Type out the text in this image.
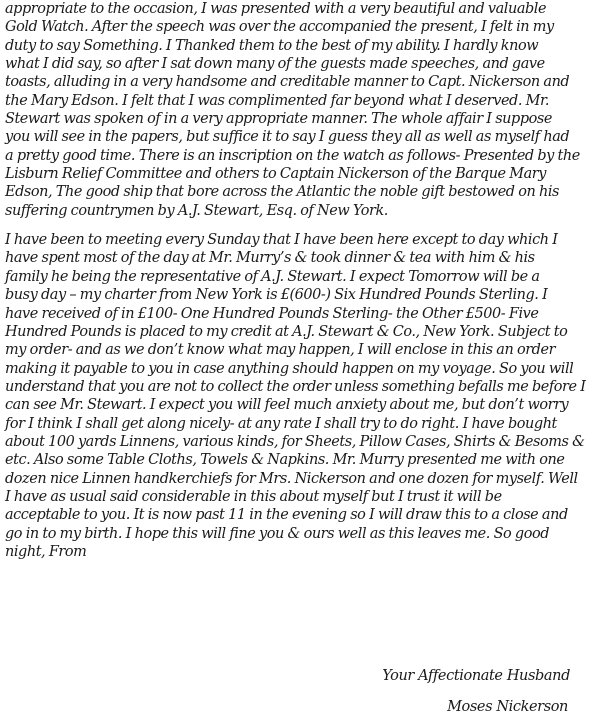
appropriate to the occasion, I was presented with a very beautiful and valuable
Gold Watch. After the speech was over the accompanied the present, I felt in my
duty to say Something. I Thanked them to the best of my ability. I hardly know
what I did say, so after I sat down many of the guests made speeches, and gave
toasts, alluding in a very handsome and creditable manner to Capt. Nickerson and
the Mary Edson. I felt that I was complimented far beyond what I deserved. Mr.
Stewart was spoken of in a very appropriate manner. The whole affair I suppose
you will see in the papers, but suffice it to say I guess they all as well as myself had
a pretty good time. There is an inscription on the watch as follows- Presented by the
Lisburn Relief Committee and others to Captain Nickerson of the Barque Mary
Edson, The good ship that bore across the Atlantic the noble gift bestowed on his
suffering countrymen by A.J. Stewart, Esq. of New York.
I have been to meeting every Sunday that I have been here except to day which I
have spent most of the day at Mr. Murry’s & took dinner & tea with him & his
family he being the representative of A.J. Stewart. I expect Tomorrow will be a
busy day – my charter from New York is £(600-) Six Hundred Pounds Sterling. I
have received of in £100- One Hundred Pounds Sterling- the Other £500- Five
Hundred Pounds is placed to my credit at A.J. Stewart & Co., New York. Subject to
my order- and as we don’t know what may happen, I will enclose in this an order
making it payable to you in case anything should happen on my voyage. So you will
understand that you are not to collect the order unless something befalls me before I
can see Mr. Stewart. I expect you will feel much anxiety about me, but don’t worry
for I think I shall get along nicely- at any rate I shall try to do right. I have bought
about 100 yards Linnens, various kinds, for Sheets, Pillow Cases, Shirts & Besoms &
etc. Also some Table Cloths, Towels & Napkins. Mr. Murry presented me with one
dozen nice Linnen handkerchiefs for Mrs. Nickerson and one dozen for myself. Well
I have as usual said considerable in this about myself but I trust it will be
acceptable to you. It is now past 11 in the evening so I will draw this to a close and
go in to my birth. I hope this will fine you & ours well as this leaves me. So good
night, From
Your Affectionate Husband
Moses Nickerson
